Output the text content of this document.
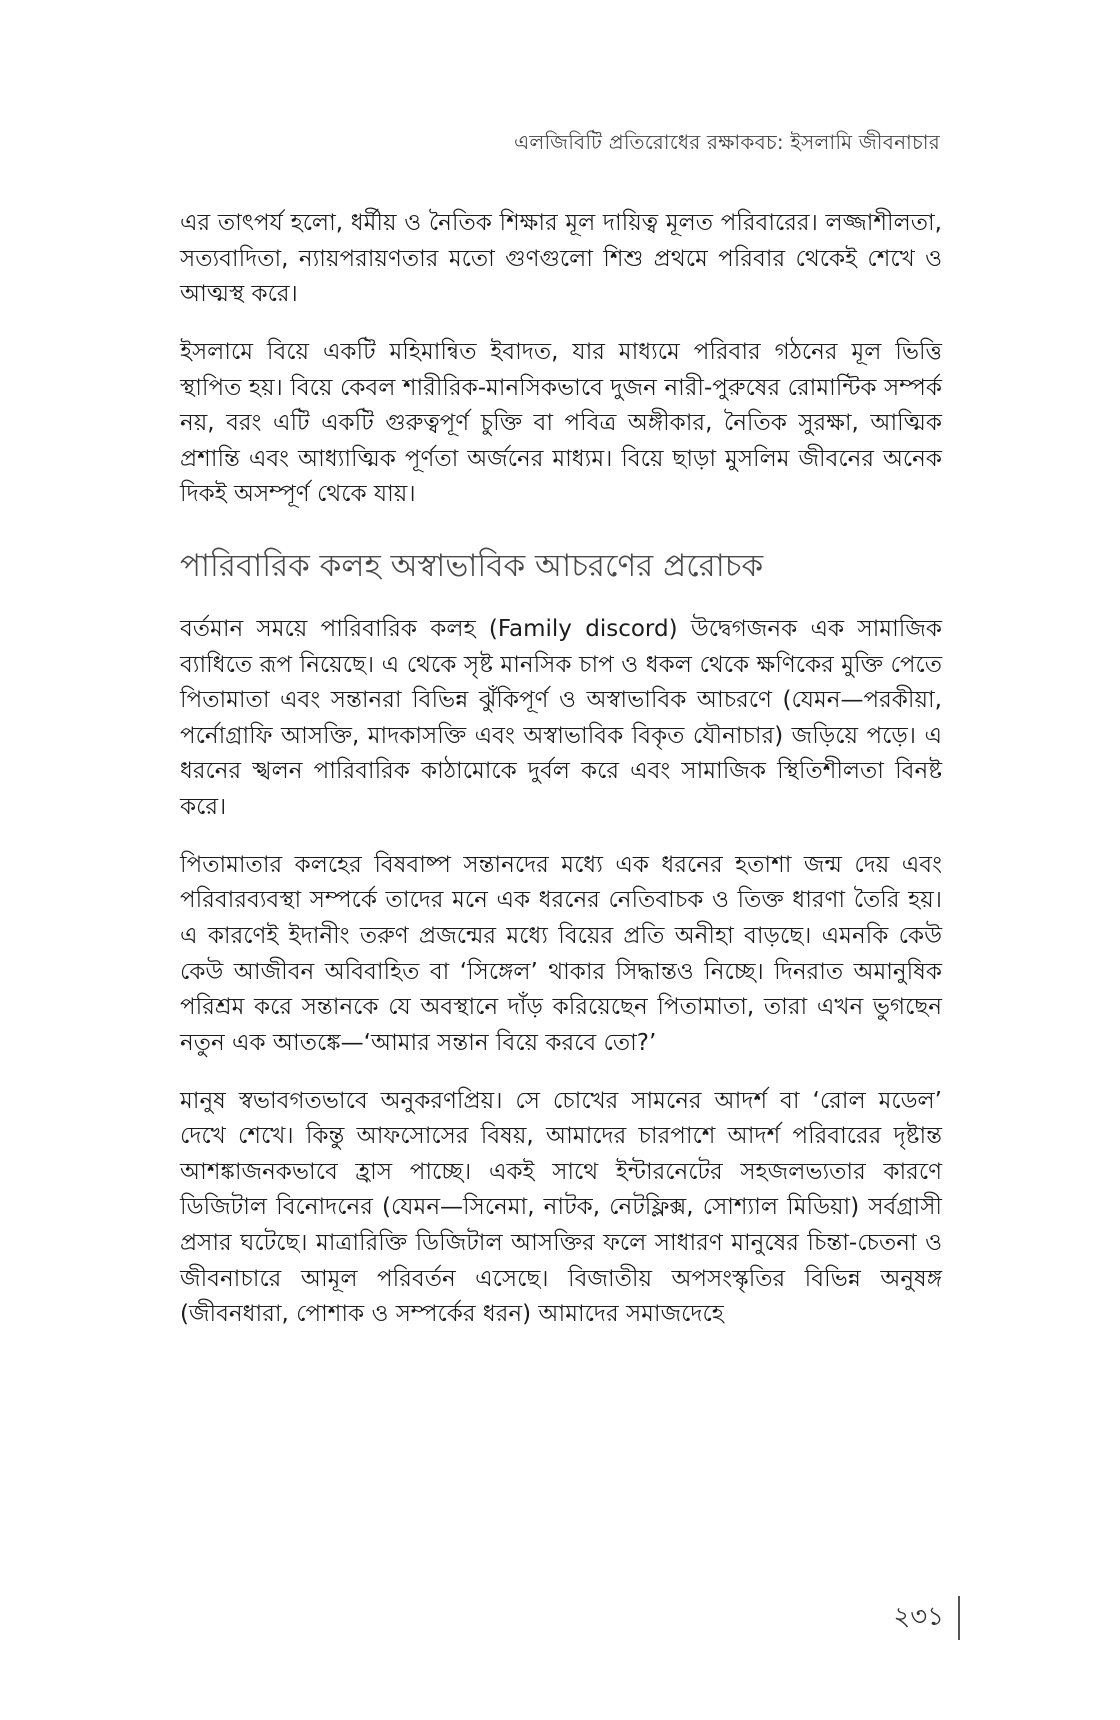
এলজিবিটি প্রতিরোধের রক্ষাকবচ: ইসলামি জীবনাচার

এর তাৎপর্য হলো, ধর্মীয় ও নৈতিক শিক্ষার মূল দায়িত্ব মূলত পরিবারের। লজ্জাশীলতা, সত্যবাদিতা, ন্যায়পরায়ণতার মতো গুণগুলো শিশু প্রথমে পরিবার থেকেই শেখে ও আত্মস্থ করে।

ইসলামে বিয়ে একটি মহিমান্বিত ইবাদত, যার মাধ্যমে পরিবার গঠনের মূল ভিত্তি স্থাপিত হয়। বিয়ে কেবল শারীরিক-মানসিকভাবে দুজন নারী-পুরুষের রোমান্টিক সম্পর্ক নয়, বরং এটি একটি গুরুত্বপূর্ণ চুক্তি বা পবিত্র অঙ্গীকার, নৈতিক সুরক্ষা, আত্মিক প্রশান্তি এবং আধ্যাত্মিক পূর্ণতা অর্জনের মাধ্যম। বিয়ে ছাড়া মুসলিম জীবনের অনেক দিকই অসম্পূর্ণ থেকে যায়।

পারিবারিক কলহ অস্বাভাবিক আচরণের প্ররোচক

বর্তমান সময়ে পারিবারিক কলহ (Family discord) উদ্বেগজনক এক সামাজিক ব্যাধিতে রূপ নিয়েছে। এ থেকে সৃষ্ট মানসিক চাপ ও ধকল থেকে ক্ষণিকের মুক্তি পেতে পিতামাতা এবং সন্তানরা বিভিন্ন ঝুঁকিপূর্ণ ও অস্বাভাবিক আচরণে (যেমন—পরকীয়া, পর্নোগ্রাফি আসক্তি, মাদকাসক্তি এবং অস্বাভাবিক বিকৃত যৌনাচার) জড়িয়ে পড়ে। এ ধরনের স্খলন পারিবারিক কাঠামোকে দুর্বল করে এবং সামাজিক স্থিতিশীলতা বিনষ্ট করে।

পিতামাতার কলহের বিষবাষ্প সন্তানদের মধ্যে এক ধরনের হতাশা জন্ম দেয় এবং পরিবারব্যবস্থা সম্পর্কে তাদের মনে এক ধরনের নেতিবাচক ও তিক্ত ধারণা তৈরি হয়। এ কারণেই ইদানীং তরুণ প্রজন্মের মধ্যে বিয়ের প্রতি অনীহা বাড়ছে। এমনকি কেউ কেউ আজীবন অবিবাহিত বা ‘সিঙ্গেল’ থাকার সিদ্ধান্তও নিচ্ছে। দিনরাত অমানুষিক পরিশ্রম করে সন্তানকে যে অবস্থানে দাঁড় করিয়েছেন পিতামাতা, তারা এখন ভুগছেন নতুন এক আতঙ্কে—‘আমার সন্তান বিয়ে করবে তো?’

মানুষ স্বভাবগতভাবে অনুকরণপ্রিয়। সে চোখের সামনের আদর্শ বা ‘রোল মডেল’ দেখে শেখে। কিন্তু আফসোসের বিষয়, আমাদের চারপাশে আদর্শ পরিবারের দৃষ্টান্ত আশঙ্কাজনকভাবে হ্রাস পাচ্ছে। একই সাথে ইন্টারনেটের সহজলভ্যতার কারণে ডিজিটাল বিনোদনের (যেমন—সিনেমা, নাটক, নেটফ্লিক্স, সোশ্যাল মিডিয়া) সর্বগ্রাসী প্রসার ঘটেছে। মাত্রারিক্তি ডিজিটাল আসক্তির ফলে সাধারণ মানুষের চিন্তা-চেতনা ও জীবনাচারে আমূল পরিবর্তন এসেছে। বিজাতীয় অপসংস্কৃতির বিভিন্ন অনুষঙ্গ (জীবনধারা, পোশাক ও সম্পর্কের ধরন) আমাদের সমাজদেহে

২৩১
